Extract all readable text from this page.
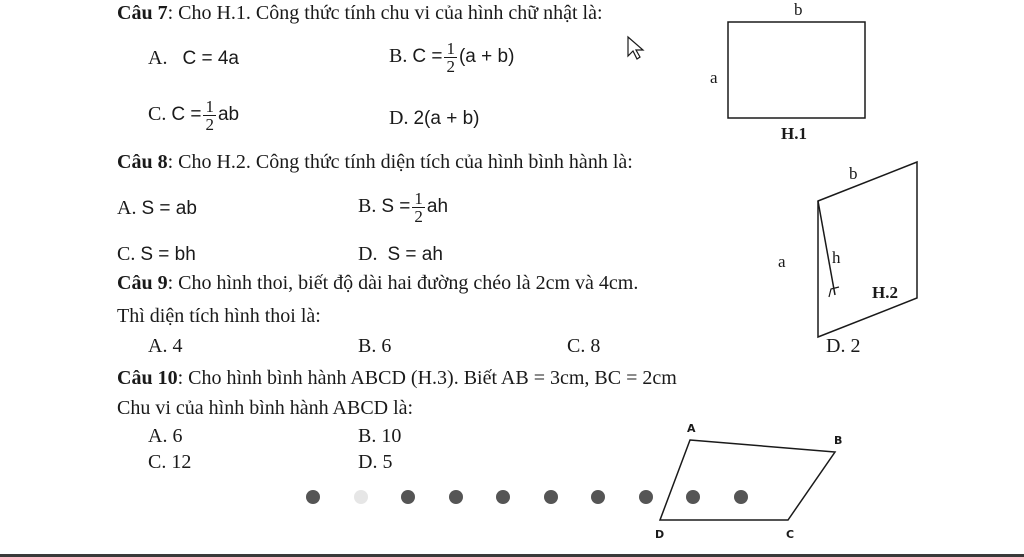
Câu 7: Cho H.1. Công thức tính chu vi của hình chữ nhật là:
A. C = 4a	B. $C = \frac{1}{2} (a + b)$
C. $C = \frac{1}{2}$ ab	D. 2(a + b)
b
a
H.1
Câu 8: Cho H.2. Công thức tính diện tích của hình bình hành là:
A. S = ab	B. $S = \frac{1}{2}$ ah
C. S = bh	D. S = ah
b
a	h
H.2
Câu 9: Cho hình thoi, biết độ dài hai đường chéo là 2cm và 4cm.
Thì diện tích hình thoi là:
A. 4	B. 6	C. 8	D. 2
Câu 10: Cho hình bình hành ABCD (H.3). Biết AB = 3cm, BC = 2cm
Chu vi của hình bình hành ABCD là:
A. 6	B. 10
C. 12	D. 5
A
B
C
D
